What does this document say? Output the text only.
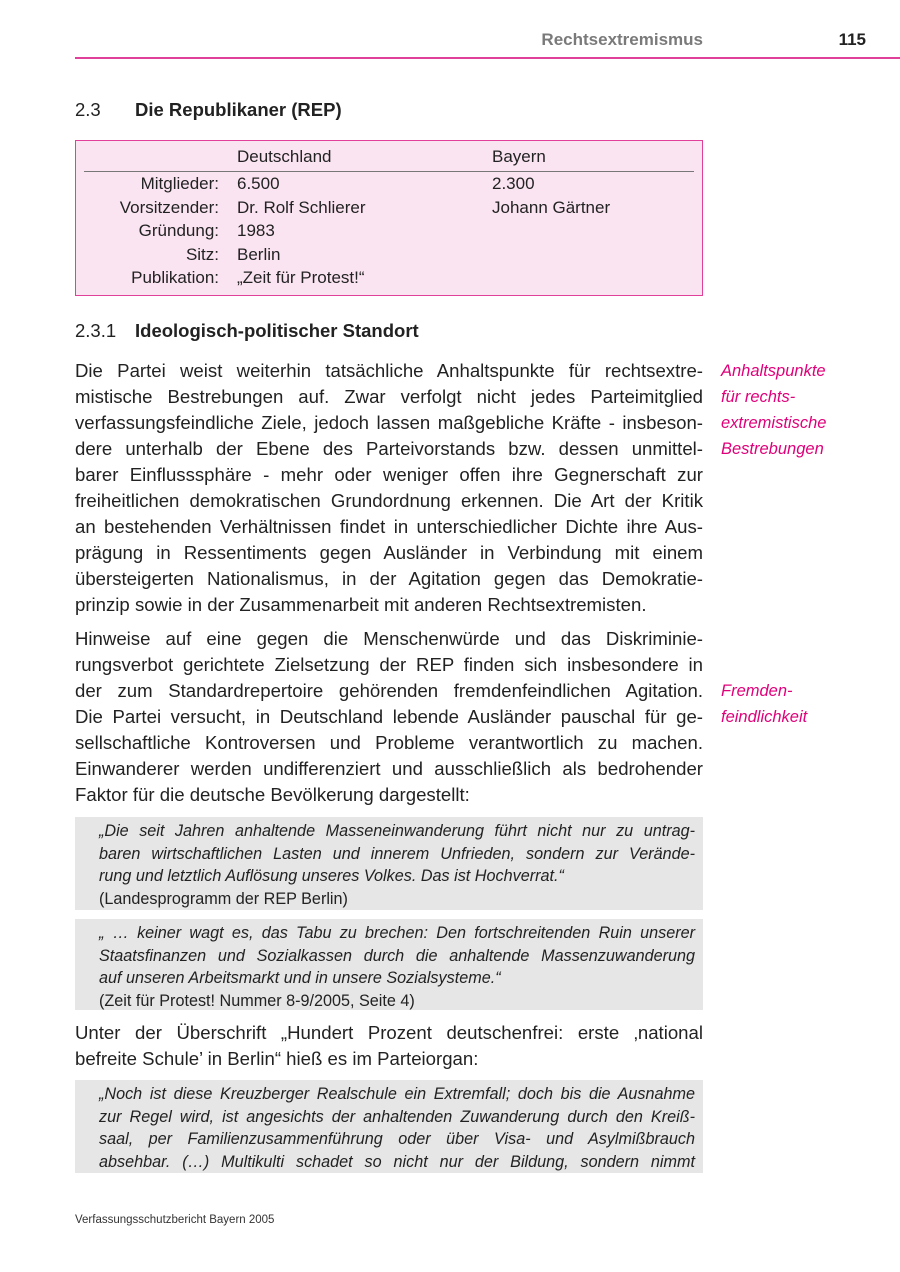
Rechtsextremismus	115
2.3 Die Republikaner (REP)
Deutschland	Bayern
Mitglieder: 6.500	2.300
Vorsitzender: Dr. Rolf Schlierer	Johann Gärtner
Gründung: 1983
Sitz: Berlin
Publikation: „Zeit für Protest!“
2.3.1 Ideologisch-politischer Standort
Die Partei weist weiterhin tatsächliche Anhaltspunkte für rechtsextre-
mistische Bestrebungen auf. Zwar verfolgt nicht jedes Parteimitglied
verfassungsfeindliche Ziele, jedoch lassen maßgebliche Kräfte - insbeson-
dere unterhalb der Ebene des Parteivorstands bzw. dessen unmittel-
barer Einflusssphäre - mehr oder weniger offen ihre Gegnerschaft zur
freiheitlichen demokratischen Grundordnung erkennen. Die Art der Kritik
an bestehenden Verhältnissen findet in unterschiedlicher Dichte ihre Aus-
prägung in Ressentiments gegen Ausländer in Verbindung mit einem
übersteigerten Nationalismus, in der Agitation gegen das Demokratie-
prinzip sowie in der Zusammenarbeit mit anderen Rechtsextremisten.
Anhaltspunkte
für rechts-
extremistische
Bestrebungen
Hinweise auf eine gegen die Menschenwürde und das Diskriminie-
rungsverbot gerichtete Zielsetzung der REP finden sich insbesondere in
der zum Standardrepertoire gehörenden fremdenfeindlichen Agitation.
Die Partei versucht, in Deutschland lebende Ausländer pauschal für ge-
sellschaftliche Kontroversen und Probleme verantwortlich zu machen.
Einwanderer werden undifferenziert und ausschließlich als bedrohender
Faktor für die deutsche Bevölkerung dargestellt:
Fremden-
feindlichkeit
„Die seit Jahren anhaltende Masseneinwanderung führt nicht nur zu untrag-
baren wirtschaftlichen Lasten und innerem Unfrieden, sondern zur Verände-
rung und letztlich Auflösung unseres Volkes. Das ist Hochverrat.“
(Landesprogramm der REP Berlin)
„ … keiner wagt es, das Tabu zu brechen: Den fortschreitenden Ruin unserer
Staatsfinanzen und Sozialkassen durch die anhaltende Massenzuwanderung
auf unseren Arbeitsmarkt und in unsere Sozialsysteme.“
(Zeit für Protest! Nummer 8-9/2005, Seite 4)
Unter der Überschrift „Hundert Prozent deutschenfrei: erste ‚national
befreite Schule’ in Berlin“ hieß es im Parteiorgan:
„Noch ist diese Kreuzberger Realschule ein Extremfall; doch bis die Ausnahme
zur Regel wird, ist angesichts der anhaltenden Zuwanderung durch den Kreiß-
saal, per Familienzusammenführung oder über Visa- und Asylmißbrauch
absehbar. (…) Multikulti schadet so nicht nur der Bildung, sondern nimmt
Verfassungsschutzbericht Bayern 2005
